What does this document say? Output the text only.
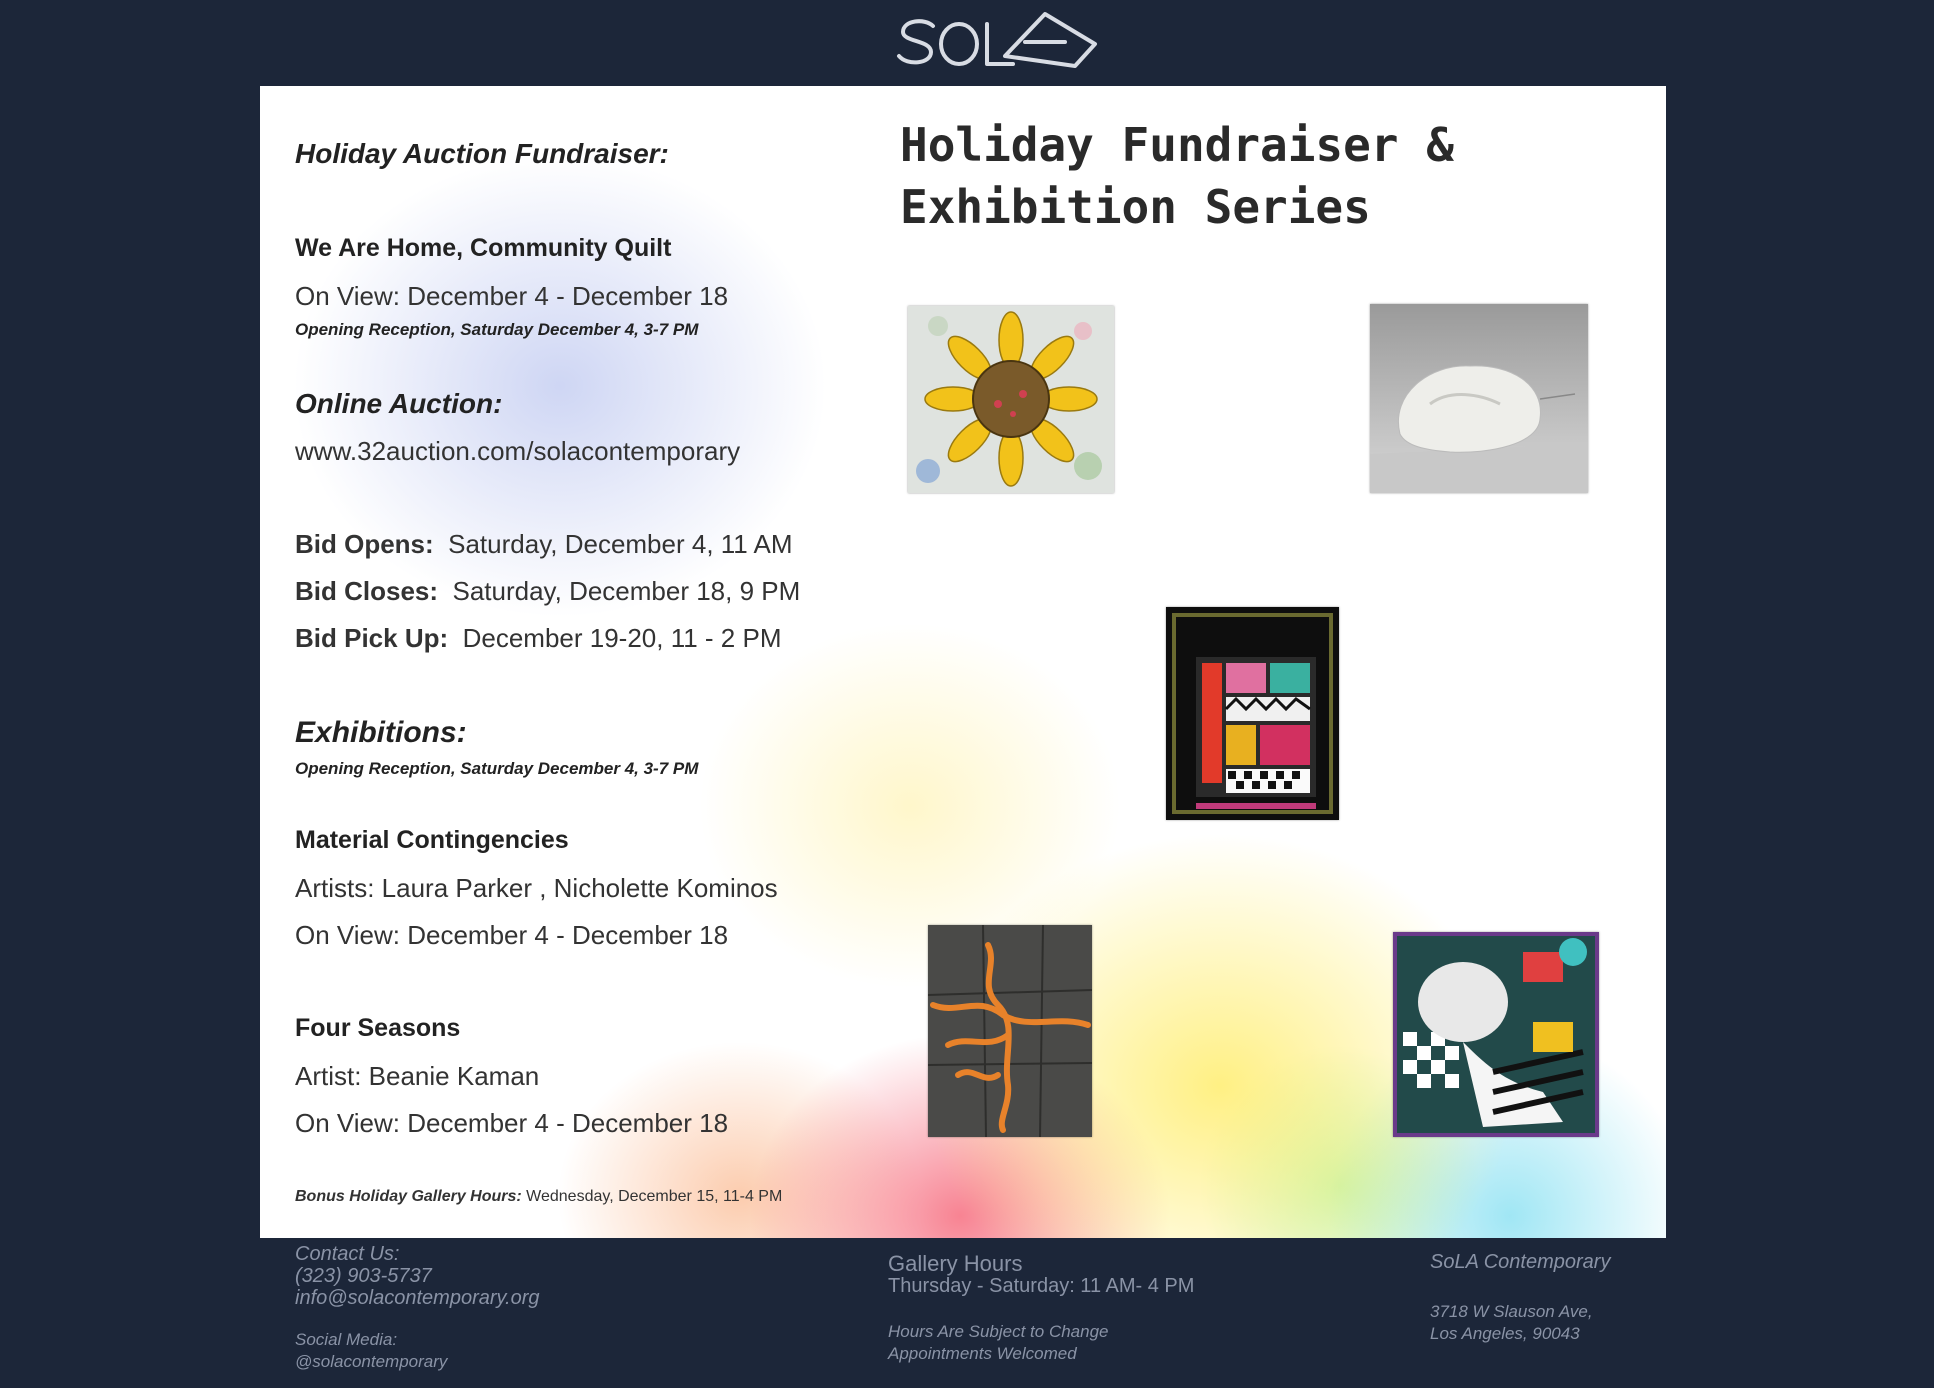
Holiday Auction Fundraiser:
We Are Home, Community Quilt
On View: December 4 - December 18
Opening Reception, Saturday December 4, 3-7 PM
Online Auction:
www.32auction.com/solacontemporary
Bid Opens: Saturday, December 4, 11 AM
Bid Closes: Saturday, December 18, 9 PM
Bid Pick Up: December 19-20, 11 - 2 PM
Exhibitions:
Opening Reception, Saturday December 4, 3-7 PM
Material Contingencies
Artists: Laura Parker , Nicholette Kominos
On View: December 4 - December 18
Four Seasons
Artist: Beanie Kaman
On View: December 4 - December 18
Bonus Holiday Gallery Hours: Wednesday, December 15, 11-4 PM
Holiday Fundraiser &
Exhibition Series
Contact Us:
(323) 903-5737
info@solacontemporary.org
Social Media:
@solacontemporary
Gallery Hours
Thursday - Saturday: 11 AM- 4 PM
Hours Are Subject to Change
Appointments Welcomed
SoLA Contemporary
3718 W Slauson Ave,
Los Angeles, 90043
